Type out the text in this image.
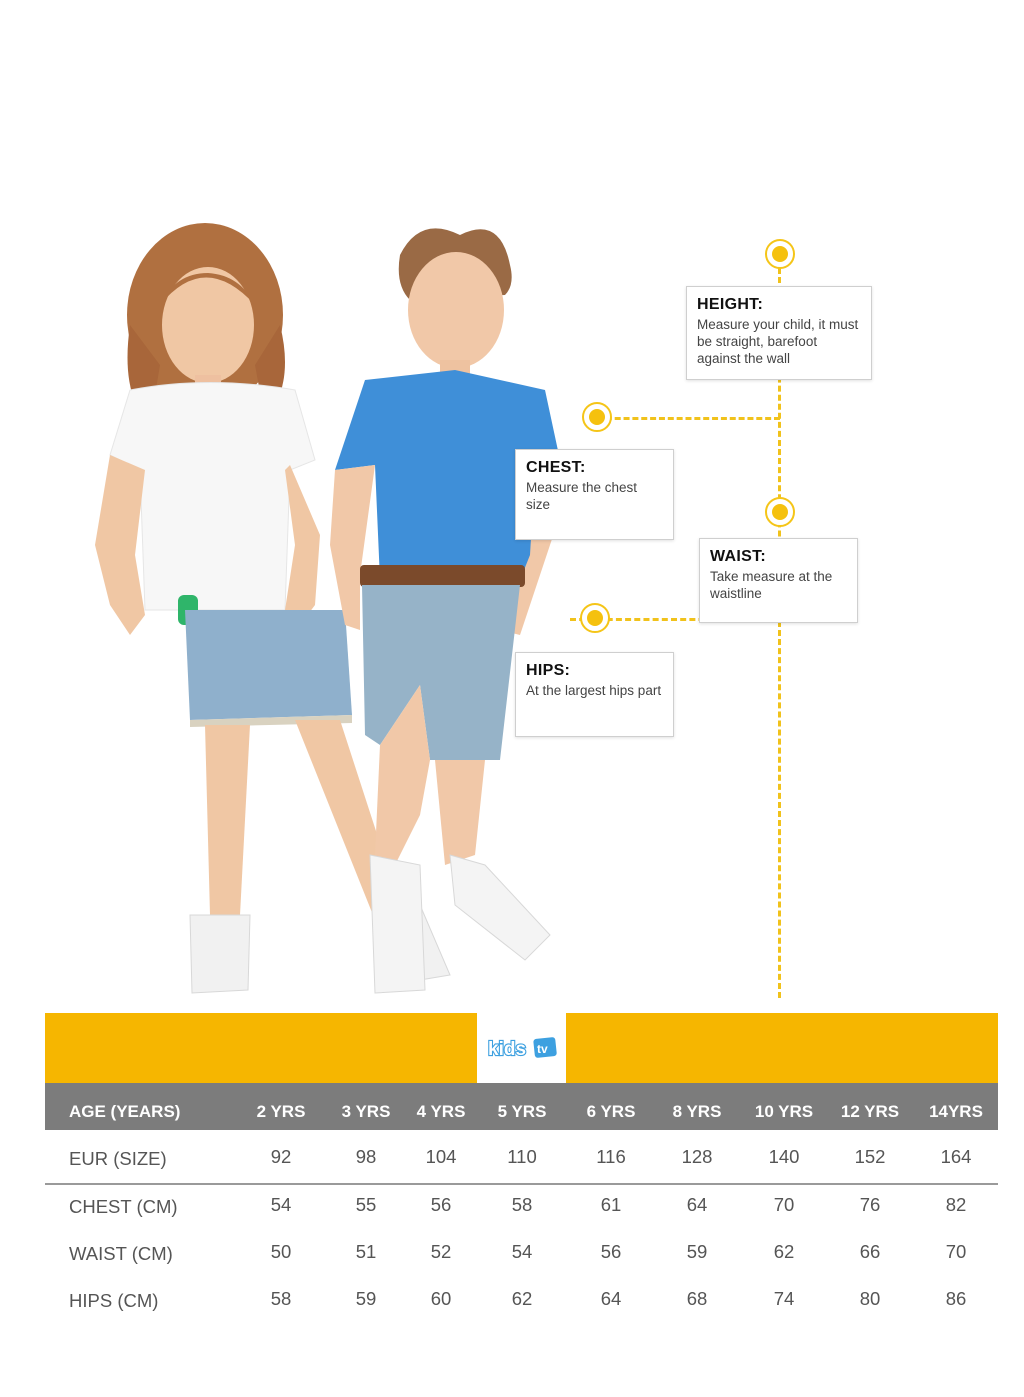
HEIGHT:
Measure your child, it must be straight, barefoot against the wall
CHEST:
Measure the chest size
WAIST:
Take measure at the waistline
HIPS:
At the largest hips part
kids tv
AGE (YEARS)	2 YRS	3 YRS	4 YRS	5 YRS	6 YRS	8 YRS	10 YRS	12 YRS	14YRS
EUR (SIZE)	92	98	104	110	116	128	140	152	164
CHEST (CM)	54	55	56	58	61	64	70	76	82
WAIST (CM)	50	51	52	54	56	59	62	66	70
HIPS (CM)	58	59	60	62	64	68	74	80	86
